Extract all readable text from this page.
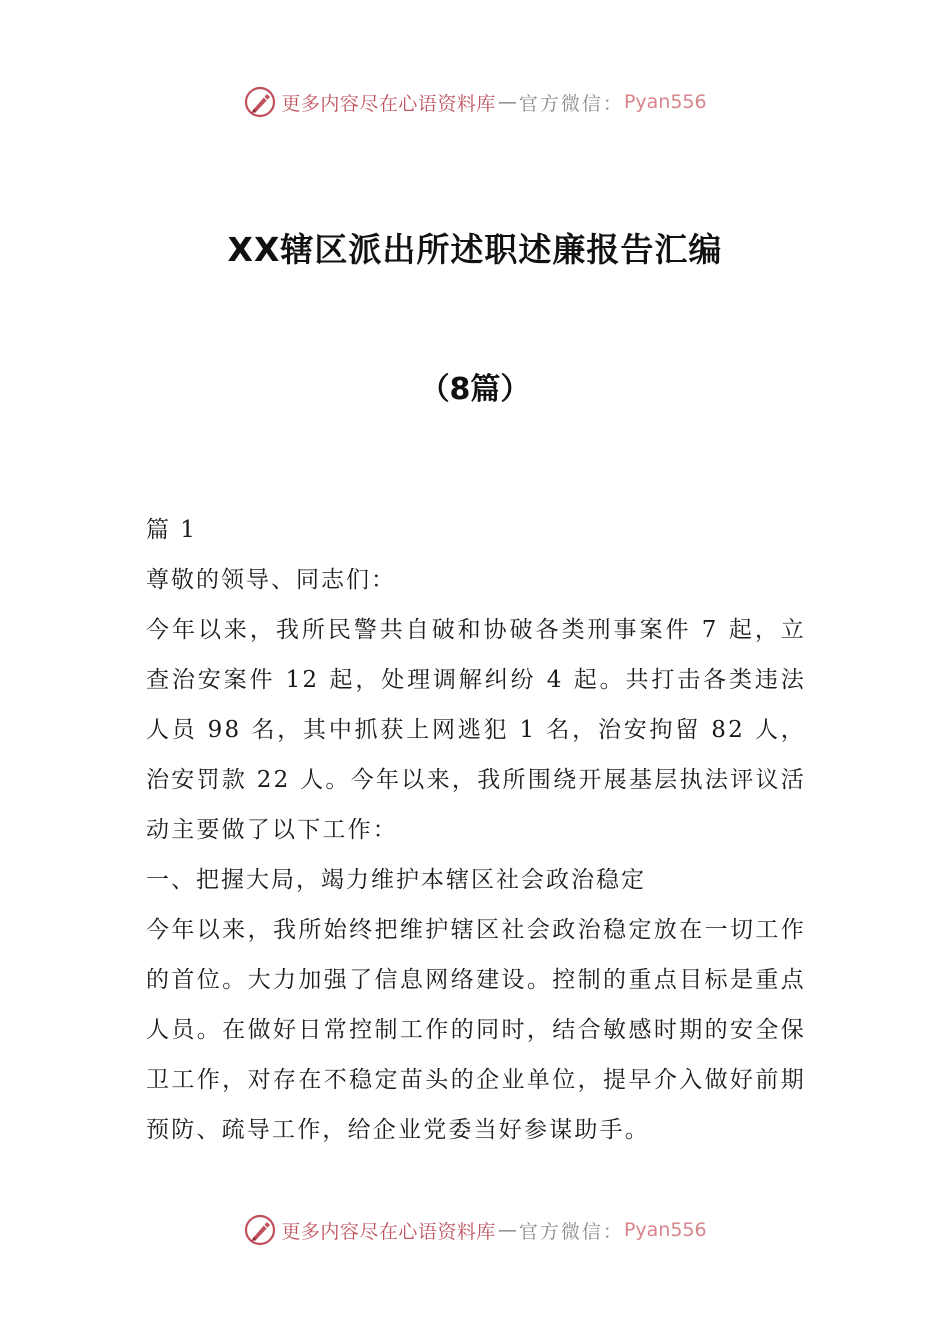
更多内容尽在心语资料库 — 官方微信： Pyan556
XX辖区派出所述职述廉报告汇编
（8篇）

篇 1

尊敬的领导、同志们：

今年以来，我所民警共自破和协破各类刑事案件 7 起，立查治安案件 12 起，处理调解纠纷 4 起。共打击各类违法人员 98 名，其中抓获上网逃犯 1 名，治安拘留 82 人，治安罚款 22 人。今年以来，我所围绕开展基层执法评议活动主要做了以下工作：

一、把握大局，竭力维护本辖区社会政治稳定

今年以来，我所始终把维护辖区社会政治稳定放在一切工作的首位。大力加强了信息网络建设。控制的重点目标是重点人员。在做好日常控制工作的同时，结合敏感时期的安全保卫工作，对存在不稳定苗头的企业单位，提早介入做好前期预防、疏导工作，给企业党委当好参谋助手。

更多内容尽在心语资料库 — 官方微信： Pyan556
